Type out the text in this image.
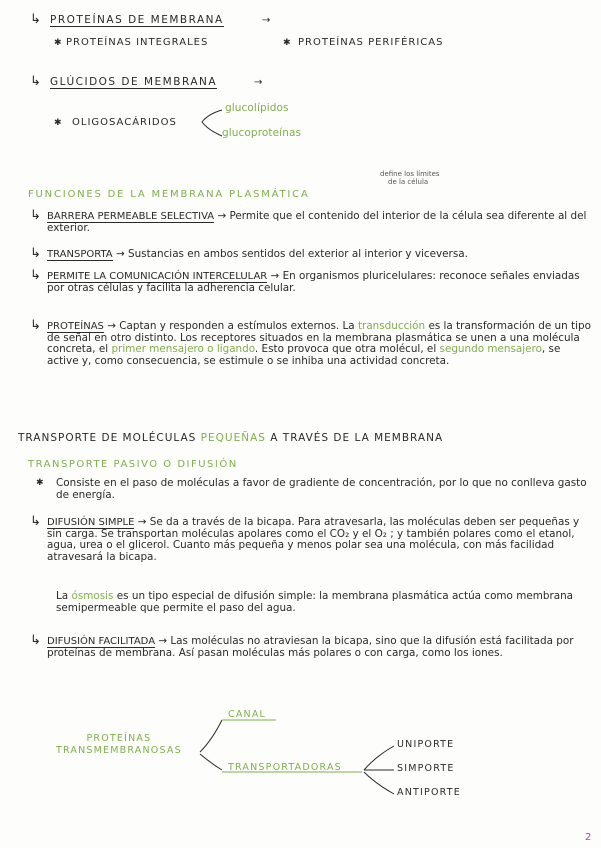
↳ PROTEÍNAS DE MEMBRANA	→
✱ PROTEÍNAS INTEGRALES	✱ PROTEÍNAS PERIFÉRICAS
↳ GLÚCIDOS DE MEMBRANA	→
✱ OLIGOSACÁRIDOS
glucolípidos
glucoproteínas
define los límites
de la célula
FUNCIONES DE LA MEMBRANA PLASMÁTICA
↳ BARRERA PERMEABLE SELECTIVA → Permite que el contenido del interior de la célula sea diferente al del exterior.
↳ TRANSPORTA → Sustancias en ambos sentidos del exterior al interior y viceversa.
↳ PERMITE LA COMUNICACIÓN INTERCELULAR → En organismos pluricelulares: reconoce señales enviadas por otras células y facilita la adherencia celular.
↳ PROTEÍNAS → Captan y responden a estímulos externos. La transducción es la transformación de un tipo de señal en otro distinto. Los receptores situados en la membrana plasmática se unen a una molécula concreta, el primer mensajero o ligando. Esto provoca que otra molécul, el segundo mensajero, se active y, como consecuencia, se estimule o se inhiba una actividad concreta.
TRANSPORTE DE MOLÉCULAS PEQUEÑAS A TRAVÉS DE LA MEMBRANA
TRANSPORTE PASIVO O DIFUSIÓN
✱ Consiste en el paso de moléculas a favor de gradiente de concentración, por lo que no conlleva gasto de energía.
↳ DIFUSIÓN SIMPLE → Se da a través de la bicapa. Para atravesarla, las moléculas deben ser pequeñas y sin carga. Se transportan moléculas apolares como el CO₂ y el O₂ ; y también polares como el etanol, agua, urea o el glicerol. Cuanto más pequeña y menos polar sea una molécula, con más facilidad atravesará la bicapa.
La ósmosis es un tipo especial de difusión simple: la membrana plasmática actúa como membrana semipermeable que permite el paso del agua.
↳ DIFUSIÓN FACILITADA → Las moléculas no atraviesan la bicapa, sino que la difusión está facilitada por proteínas de membrana. Así pasan moléculas más polares o con carga, como los iones.
PROTEÍNAS
TRANSMEMBRANOSAS
CANAL
TRANSPORTADORAS
UNIPORTE
SIMPORTE
ANTIPORTE
2
